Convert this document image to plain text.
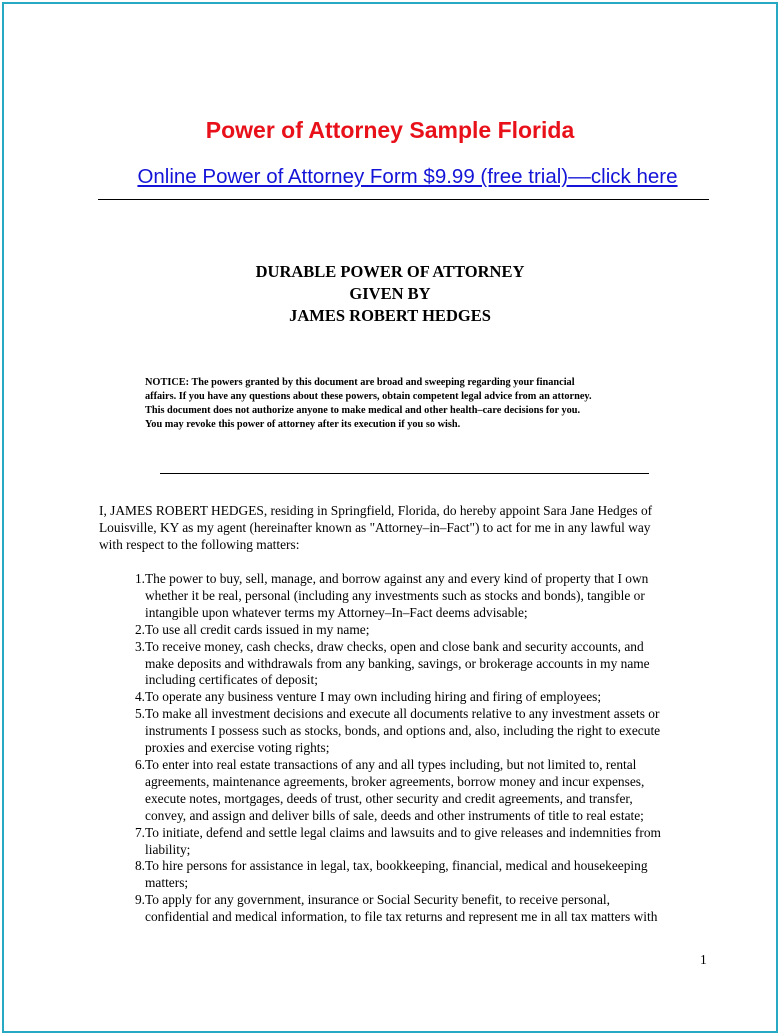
Power of Attorney Sample Florida
Online Power of Attorney Form $9.99 (free trial)––click here
DURABLE POWER OF ATTORNEY
GIVEN BY
JAMES ROBERT HEDGES
NOTICE: The powers granted by this document are broad and sweeping regarding your financial
affairs. If you have any questions about these powers, obtain competent legal advice from an attorney.
This document does not authorize anyone to make medical and other health–care decisions for you.
You may revoke this power of attorney after its execution if you so wish.
I, JAMES ROBERT HEDGES, residing in Springfield, Florida, do hereby appoint Sara Jane Hedges of
Louisville, KY as my agent (hereinafter known as "Attorney–in–Fact") to act for me in any lawful way
with respect to the following matters:
1. The power to buy, sell, manage, and borrow against any and every kind of property that I own
whether it be real, personal (including any investments such as stocks and bonds), tangible or
intangible upon whatever terms my Attorney–In–Fact deems advisable;
2. To use all credit cards issued in my name;
3. To receive money, cash checks, draw checks, open and close bank and security accounts, and
make deposits and withdrawals from any banking, savings, or brokerage accounts in my name
including certificates of deposit;
4. To operate any business venture I may own including hiring and firing of employees;
5. To make all investment decisions and execute all documents relative to any investment assets or
instruments I possess such as stocks, bonds, and options and, also, including the right to execute
proxies and exercise voting rights;
6. To enter into real estate transactions of any and all types including, but not limited to, rental
agreements, maintenance agreements, broker agreements, borrow money and incur expenses,
execute notes, mortgages, deeds of trust, other security and credit agreements, and transfer,
convey, and assign and deliver bills of sale, deeds and other instruments of title to real estate;
7. To initiate, defend and settle legal claims and lawsuits and to give releases and indemnities from
liability;
8. To hire persons for assistance in legal, tax, bookkeeping, financial, medical and housekeeping
matters;
9. To apply for any government, insurance or Social Security benefit, to receive personal,
confidential and medical information, to file tax returns and represent me in all tax matters with
1
